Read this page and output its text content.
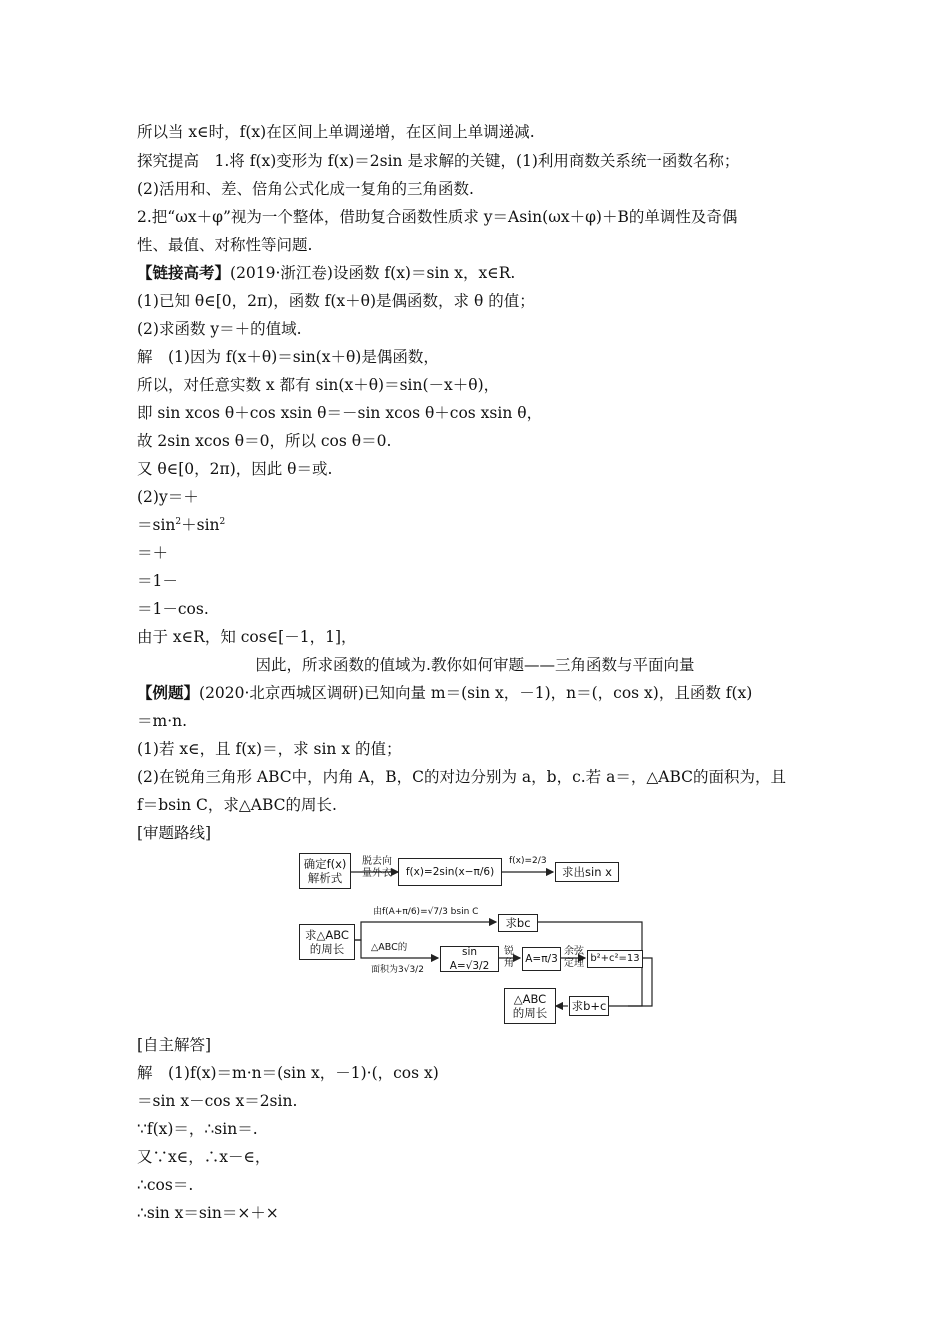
所以当 x∈时，f(x)在区间上单调递增，在区间上单调递减.
探究提高　1.将 f(x)变形为 f(x)＝2sin 是求解的关键，(1)利用商数关系统一函数名称；
(2)活用和、差、倍角公式化成一复角的三角函数.
2.把“ωx＋φ”视为一个整体，借助复合函数性质求 y＝Asin(ωx＋φ)＋B的单调性及奇偶
性、最值、对称性等问题.
【链接高考】(2019·浙江卷)设函数 f(x)＝sin x，x∈R.
(1)已知 θ∈[0，2π)，函数 f(x＋θ)是偶函数，求 θ 的值；
(2)求函数 y＝＋的值域.
解　(1)因为 f(x＋θ)＝sin(x＋θ)是偶函数，
所以，对任意实数 x 都有 sin(x＋θ)＝sin(－x＋θ)，
即 sin xcos θ＋cos xsin θ＝－sin xcos θ＋cos xsin θ，
故 2sin xcos θ＝0，所以 cos θ＝0.
又 θ∈[0，2π)，因此 θ＝或.
(2)y＝＋
$=\sin^2+\sin^2$
＝＋
＝1－
＝1－cos.
由于 x∈R，知 cos∈[－1，1]，
因此，所求函数的值域为.教你如何审题——三角函数与平面向量
【例题】(2020·北京西城区调研)已知向量 m＝(sin x，－1)，n＝(，cos x)，且函数 f(x)
＝m·n.
(1)若 x∈，且 f(x)＝，求 sin x 的值；
(2)在锐角三角形 ABC中，内角 A，B，C的对边分别为 a，b，c.若 a＝，△ABC的面积为，且
f＝bsin C，求△ABC的周长.
[审题路线]
确定f(x)
解析式
脱去向
量外衣	f(x)=2sin(x−π/6)
f(x)=2/3
求出sin x
求△ABC
的周长
由f(A+π/6)=√7/3 bsin C
求bc
△ABC的
面积为3√3/2
sin A=√3/2
锐
角	A=π/3
余弦
定理 b²+c²=13
△ABC
的周长 求b+c
[自主解答]
解　(1)f(x)＝m·n＝(sin x，－1)·(，cos x)
＝sin x－cos x＝2sin.
∵f(x)＝，∴sin＝.
又∵x∈，∴x－∈，
∴cos＝.
∴sin x＝sin＝×＋×
